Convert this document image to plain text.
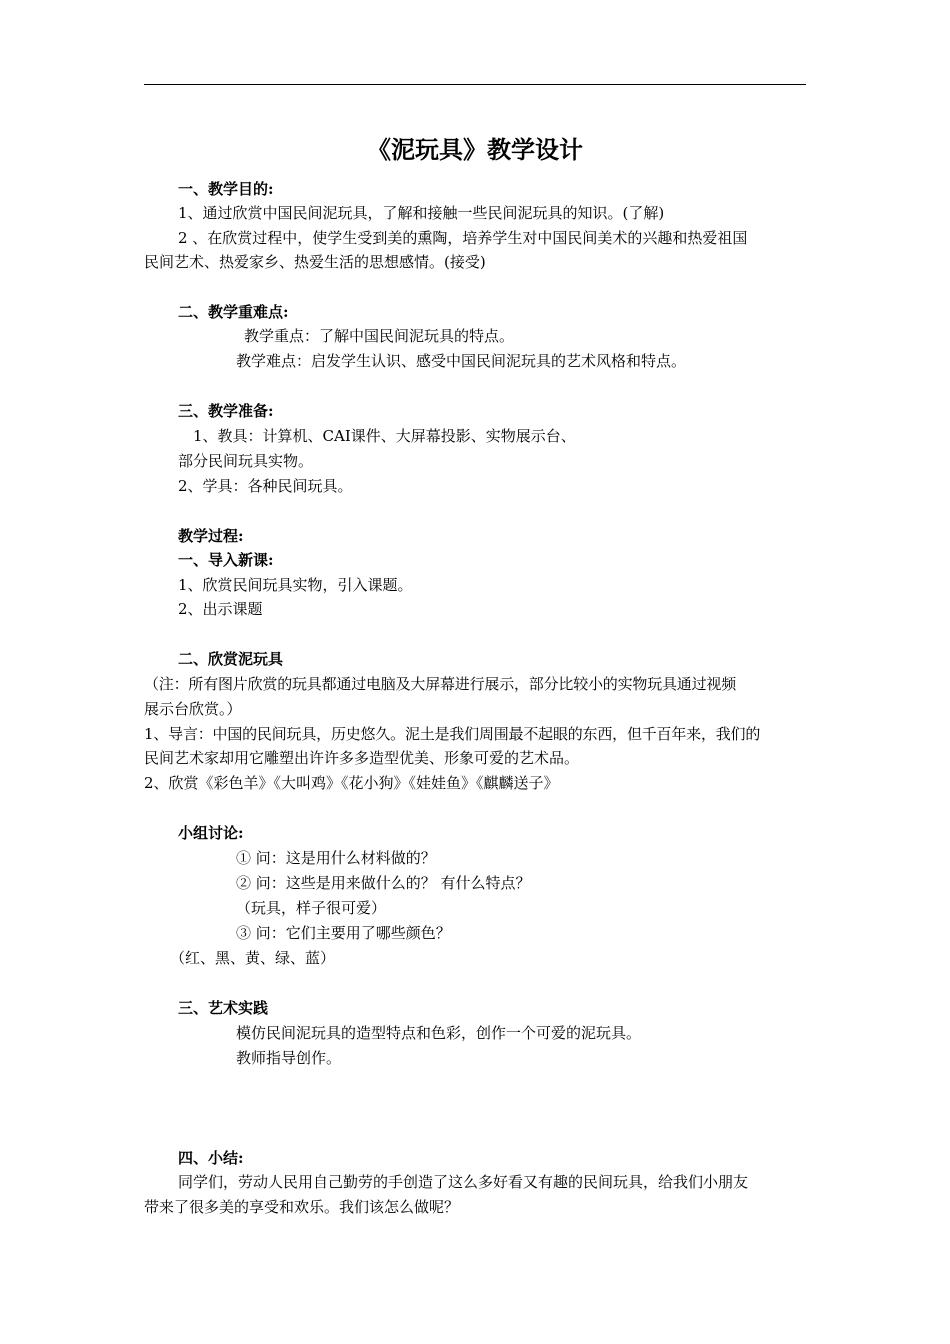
《泥玩具》教学设计
一、教学目的:
1、通过欣赏中国民间泥玩具，了解和接触一些民间泥玩具的知识。(了解)
2 、在欣赏过程中，使学生受到美的熏陶，培养学生对中国民间美术的兴趣和热爱祖国
民间艺术、热爱家乡、热爱生活的思想感情。(接受)
二、教学重难点:
教学重点：了解中国民间泥玩具的特点。
教学难点：启发学生认识、感受中国民间泥玩具的艺术风格和特点。
三、教学准备:
1、教具：计算机、CAI课件、大屏幕投影、实物展示台、
部分民间玩具实物。
2、学具：各种民间玩具。
教学过程:
一、导入新课:
1、欣赏民间玩具实物，引入课题。
2、出示课题
二、欣赏泥玩具
（注：所有图片欣赏的玩具都通过电脑及大屏幕进行展示，部分比较小的实物玩具通过视频
展示台欣赏。）
1、导言：中国的民间玩具，历史悠久。泥土是我们周围最不起眼的东西，但千百年来，我们的
民间艺术家却用它雕塑出许许多多造型优美、形象可爱的艺术品。
2、欣赏《彩色羊》《大叫鸡》《花小狗》《娃娃鱼》《麒麟送子》
小组讨论:
① 问：这是用什么材料做的？
② 问：这些是用来做什么的？ 有什么特点？
（玩具，样子很可爱）
③ 问：它们主要用了哪些颜色？
（红、黑、黄、绿、蓝）
三、艺术实践
模仿民间泥玩具的造型特点和色彩，创作一个可爱的泥玩具。
教师指导创作。
四、小结:
同学们，劳动人民用自己勤劳的手创造了这么多好看又有趣的民间玩具，给我们小朋友
带来了很多美的享受和欢乐。我们该怎么做呢？
